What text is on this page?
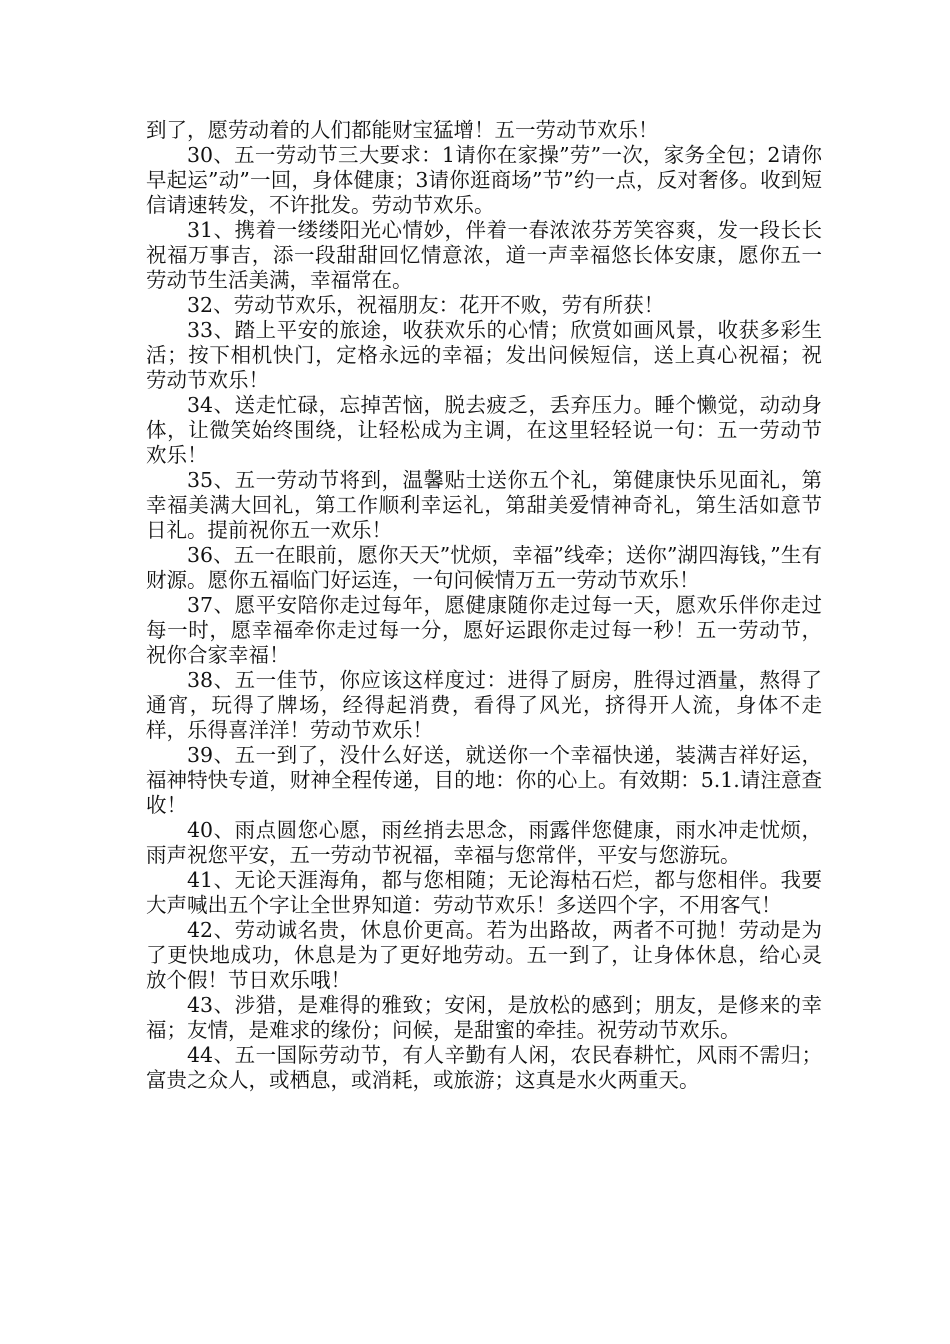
到了，愿劳动着的人们都能财宝猛增！五一劳动节欢乐！

30、五一劳动节三大要求：1请你在家操”劳”一次，家务全包；2请你早起运”动”一回，身体健康；3请你逛商场”节”约一点，反对奢侈。收到短信请速转发，不许批发。劳动节欢乐。

31、携着一缕缕阳光心情妙，伴着一春浓浓芬芳笑容爽，发一段长长祝福万事吉，添一段甜甜回忆情意浓，道一声幸福悠长体安康，愿你五一劳动节生活美满，幸福常在。

32、劳动节欢乐，祝福朋友：花开不败，劳有所获！

33、踏上平安的旅途，收获欢乐的心情；欣赏如画风景，收获多彩生活；按下相机快门，定格永远的幸福；发出问候短信，送上真心祝福；祝劳动节欢乐！

34、送走忙碌，忘掉苦恼，脱去疲乏，丢弃压力。睡个懒觉，动动身体，让微笑始终围绕，让轻松成为主调，在这里轻轻说一句：五一劳动节欢乐！

35、五一劳动节将到，温馨贴士送你五个礼，第健康快乐见面礼，第幸福美满大回礼，第工作顺利幸运礼，第甜美爱情神奇礼，第生活如意节日礼。提前祝你五一欢乐！

36、五一在眼前，愿你天天”忧烦，幸福”线牵；送你”湖四海钱，”生有财源。愿你五福临门好运连，一句问候情万五一劳动节欢乐！

37、愿平安陪你走过每年，愿健康随你走过每一天，愿欢乐伴你走过每一时，愿幸福牵你走过每一分，愿好运跟你走过每一秒！五一劳动节，祝你合家幸福！

38、五一佳节，你应该这样度过：进得了厨房，胜得过酒量，熬得了通宵，玩得了牌场，经得起消费，看得了风光，挤得开人流，身体不走样，乐得喜洋洋！劳动节欢乐！

39、五一到了，没什么好送，就送你一个幸福快递，装满吉祥好运，福神特快专道，财神全程传递，目的地：你的心上。有效期：5.1.请注意查收！

40、雨点圆您心愿，雨丝捎去思念，雨露伴您健康，雨水冲走忧烦，雨声祝您平安，五一劳动节祝福，幸福与您常伴，平安与您游玩。

41、无论天涯海角，都与您相随；无论海枯石烂，都与您相伴。我要大声喊出五个字让全世界知道：劳动节欢乐！多送四个字，不用客气！

42、劳动诚名贵，休息价更高。若为出路故，两者不可抛！劳动是为了更快地成功，休息是为了更好地劳动。五一到了，让身体休息，给心灵放个假！节日欢乐哦！

43、涉猎，是难得的雅致；安闲，是放松的感到；朋友，是修来的幸福；友情，是难求的缘份；问候，是甜蜜的牵挂。祝劳动节欢乐。

44、五一国际劳动节，有人辛勤有人闲，农民春耕忙，风雨不需归；富贵之众人，或栖息，或消耗，或旅游；这真是水火两重天。
